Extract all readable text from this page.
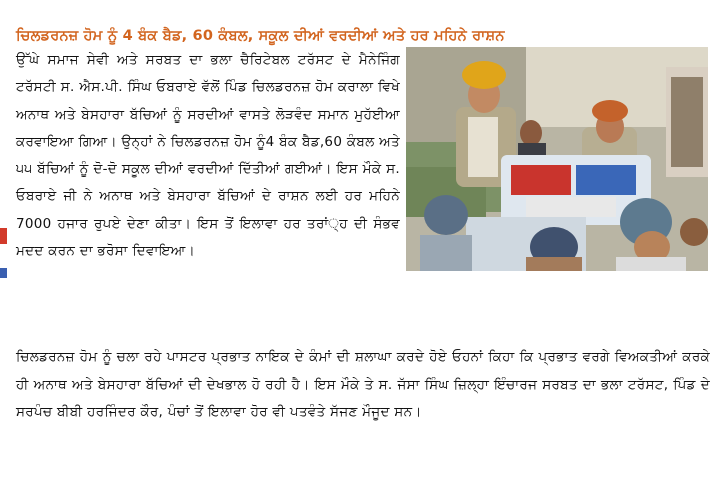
ਚਿਲਡਰਨਜ਼ ਹੋਮ ਨੂੰ 4 ਬੰਕ ਬੈਡ, 60 ਕੰਬਲ, ਸਕੂਲ ਦੀਆਂ ਵਰਦੀਆਂ ਅਤੇ ਹਰ ਮਹਿਨੇ ਰਾਸ਼ਨ
ਉੱਘੇ ਸਮਾਜ ਸੇਵੀ ਅਤੇ ਸਰਬਤ ਦਾ ਭਲਾ ਚੈਰਿਟੇਬਲ ਟਰੱਸਟ ਦੇ ਮੈਨੇਜਿੰਗ ਟਰੱਸਟੀ ਸ. ਐਸ.ਪੀ. ਸਿੰਘ ਓਬਰਾਏ ਵੱਲੋਂ ਪਿੰਡ ਚਿਲਡਰਨਜ਼ ਹੋਮ ਕਰਾਲਾ ਵਿਖੇ ਅਨਾਥ ਅਤੇ ਬੇਸਹਾਰਾ ਬੱਚਿਆਂ ਨੂੰ ਸਰਦੀਆਂ ਵਾਸਤੇ ਲੋੜਵੰਦ ਸਮਾਨ ਮੁਹੱਈਆ ਕਰਵਾਇਆ ਗਿਆ। ਉਨ੍ਹਾਂ ਨੇ ਚਿਲਡਰਨਜ਼ ਹੋਮ ਨੂੰ4 ਬੰਕ ਬੈਡ,60 ਕੰਬਲ ਅਤੇ ੫੫ ਬੱਚਿਆਂ ਨੂੰ ਦੋ-ਦੋ ਸਕੂਲ ਦੀਆਂ ਵਰਦੀਆਂ ਦਿੱਤੀਆਂ ਗਈਆਂ। ਇਸ ਮੌਕੇ ਸ. ਓਬਰਾਏ ਜੀ ਨੇ ਅਨਾਥ ਅਤੇ ਬੇਸਹਾਰਾ ਬੱਚਿਆਂ ਦੇ ਰਾਸ਼ਨ ਲਈ ਹਰ ਮਹਿਨੇ 7000 ਹਜਾਰ ਰੁਪਏ ਦੇਣਾ ਕੀਤਾ। ਇਸ ਤੋਂ ਇਲਾਵਾ ਹਰ ਤਰਾਂ੍ਹ ਦੀ ਸੰਭਵ ਮਦਦ ਕਰਨ ਦਾ ਭਰੋਸਾ ਦਿਵਾਇਆ।
ਚਿਲਡਰਨਜ਼ ਹੋਮ ਨੂੰ ਚਲਾ ਰਹੇ ਪਾਸਟਰ ਪ੍ਰਭਾਤ ਨਾਇਕ ਦੇ ਕੰਮਾਂ ਦੀ ਸ਼ਲਾਘਾ ਕਰਦੇ ਹੋਏ ਓਹਨਾਂ ਕਿਹਾ ਕਿ ਪ੍ਰਭਾਤ ਵਰਗੇ ਵਿਅਕਤੀਆਂ ਕਰਕੇ ਹੀ ਅਨਾਥ ਅਤੇ ਬੇਸਹਾਰਾ ਬੱਚਿਆਂ ਦੀ ਦੇਖਭਾਲ ਹੋ ਰਹੀ ਹੈ। ਇਸ ਮੌਕੇ ਤੇ ਸ. ਜੱਸਾ ਸਿੰਘ ਜ਼ਿਲ੍ਹਾ ਇੰਚਾਰਜ ਸਰਬਤ ਦਾ ਭਲਾ ਟਰੱਸਟ, ਪਿੰਡ ਦੇ ਸਰਪੰਚ ਬੀਬੀ ਹਰਜਿੰਦਰ ਕੌਰ, ਪੰਚਾਂ ਤੋਂ ਇਲਾਵਾ ਹੋਰ ਵੀ ਪਤਵੰਤੇ ਸੱਜਣ ਮੌਜੂਦ ਸਨ।
